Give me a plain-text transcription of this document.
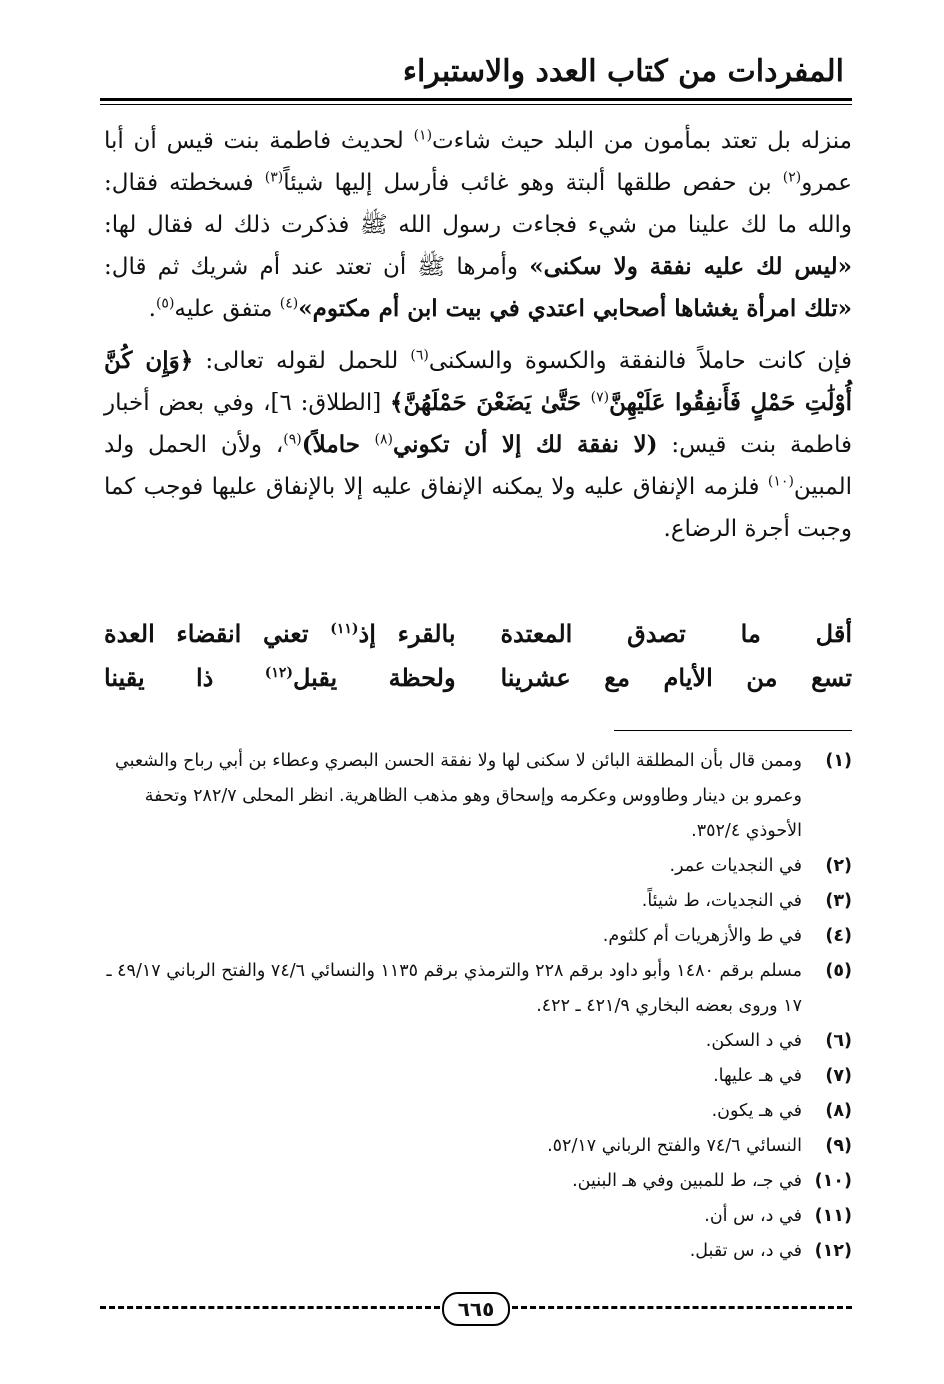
المفردات من كتاب العدد والاستبراء

منزله بل تعتد بمأمون من البلد حيث شاءت$^{(١)}$ لحديث فاطمة بنت قيس أن أبا عمرو$^{(٢)}$ بن حفص طلقها ألبتة وهو غائب فأرسل إليها شيئاً$^{(٣)}$ فسخطته فقال: والله ما لك علينا من شيء فجاءت رسول الله ﷺ فذكرت ذلك له فقال لها: «ليس لك عليه نفقة ولا سكنى» وأمرها ﷺ أن تعتد عند أم شريك ثم قال: «تلك امرأة يغشاها أصحابي اعتدي في بيت ابن أم مكتوم»$^{(٤)}$ متفق عليه$^{(٥)}$.

فإن كانت حاملاً فالنفقة والكسوة والسكنى$^{(٦)}$ للحمل لقوله تعالى: ﴿وَإِن كُنَّ أُوْلَٰتِ حَمْلٍ فَأَنفِقُوا عَلَيْهِنَّ$^{(٧)}$ حَتَّىٰ يَضَعْنَ حَمْلَهُنَّ﴾ [الطلاق: ٦]، وفي بعض أخبار فاطمة بنت قيس: (لا نفقة لك إلا أن تكوني$^{(٨)}$ حاملاً)$^{(٩)}$، ولأن الحمل ولد المبين$^{(١٠)}$ فلزمه الإنفاق عليه ولا يمكنه الإنفاق عليه إلا بالإنفاق عليها فوجب كما وجبت أجرة الرضاع.

أقل ما تصدق المعتدة
بالقرء إذ$^{(١١)}$ تعني انقضاء العدة
تسع من الأيام مع عشرينا
ولحظة يقبل$^{(١٢)}$ ذا يقينا
(١)
وممن قال بأن المطلقة البائن لا سكنى لها ولا نفقة الحسن البصري وعطاء بن أبي رباح والشعبي وعمرو بن دينار وطاووس وعكرمه وإسحاق وهو مذهب الظاهرية. انظر المحلى ٢٨٢/٧ وتحفة الأحوذي ٣٥٢/٤.
(٢)
في النجديات عمر.
(٣)
في النجديات، ط شيئاً.
(٤)
في ط والأزهريات أم كلثوم.
(٥)
مسلم برقم ١٤٨٠ وأبو داود برقم ٢٢٨ والترمذي برقم ١١٣٥ والنسائي ٧٤/٦ والفتح الرباني ٤٩/١٧ ـ ١٧ وروى بعضه البخاري ٤٢١/٩ ـ ٤٢٢.
(٦)
في د السكن.
(٧)
في هـ عليها.
(٨)
في هـ يكون.
(٩)
النسائي ٧٤/٦ والفتح الرباني ٥٢/١٧.
(١٠)
في جـ، ط للمبين وفي هـ البنين.
(١١)
في د، س أن.
(١٢)
في د، س تقبل.
٦٦٥
